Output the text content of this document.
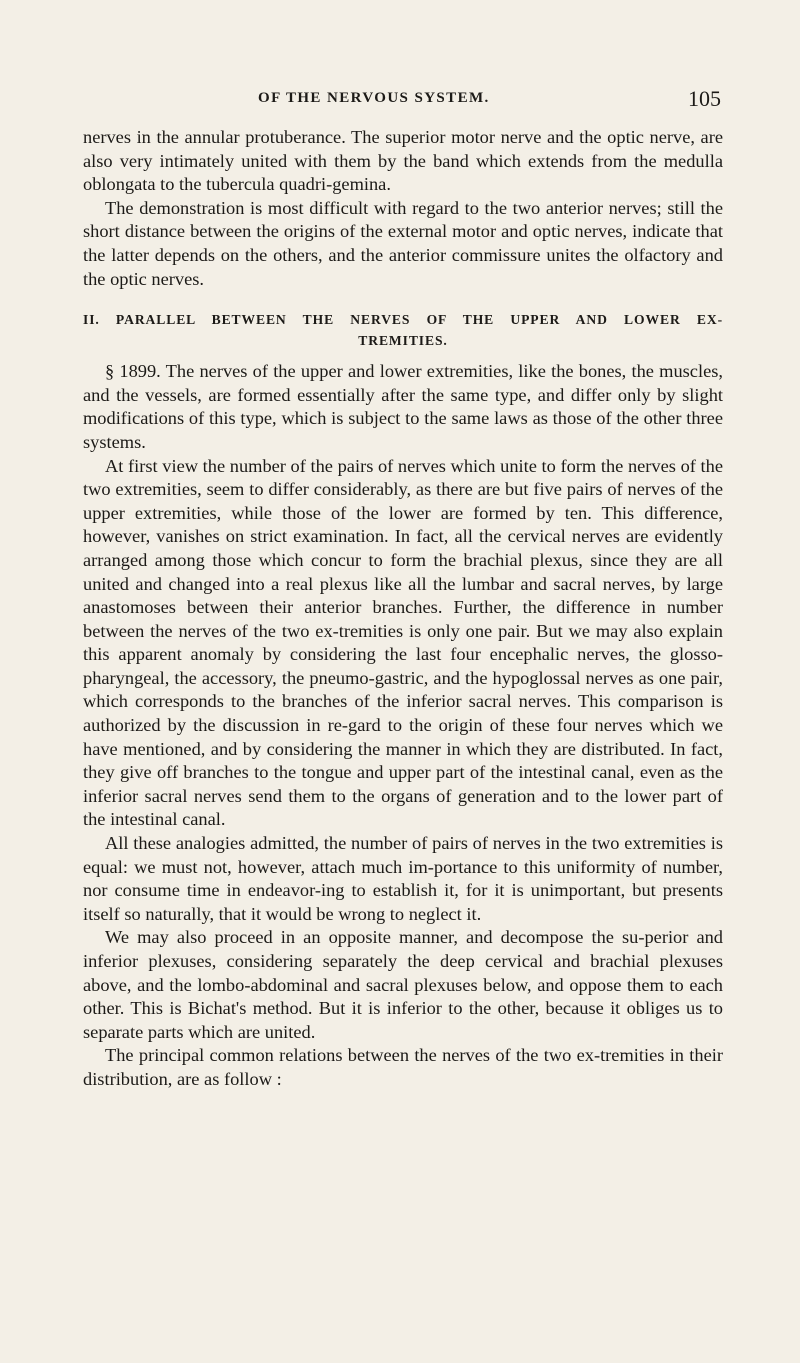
OF THE NERVOUS SYSTEM.	105

nerves in the annular protuberance. The superior motor nerve and the optic nerve, are also very intimately united with them by the band which extends from the medulla oblongata to the tubercula quadri-gemina.

The demonstration is most difficult with regard to the two anterior nerves; still the short distance between the origins of the external motor and optic nerves, indicate that the latter depends on the others, and the anterior commissure unites the olfactory and the optic nerves.

II. PARALLEL BETWEEN THE NERVES OF THE UPPER AND LOWER EX-
TREMITIES.

§ 1899. The nerves of the upper and lower extremities, like the bones, the muscles, and the vessels, are formed essentially after the same type, and differ only by slight modifications of this type, which is subject to the same laws as those of the other three systems.

At first view the number of the pairs of nerves which unite to form the nerves of the two extremities, seem to differ considerably, as there are but five pairs of nerves of the upper extremities, while those of the lower are formed by ten. This difference, however, vanishes on strict examination. In fact, all the cervical nerves are evidently arranged among those which concur to form the brachial plexus, since they are all united and changed into a real plexus like all the lumbar and sacral nerves, by large anastomoses between their anterior branches. Further, the difference in number between the nerves of the two ex-tremities is only one pair. But we may also explain this apparent anomaly by considering the last four encephalic nerves, the glosso-pharyngeal, the accessory, the pneumo-gastric, and the hypoglossal nerves as one pair, which corresponds to the branches of the inferior sacral nerves. This comparison is authorized by the discussion in re-gard to the origin of these four nerves which we have mentioned, and by considering the manner in which they are distributed. In fact, they give off branches to the tongue and upper part of the intestinal canal, even as the inferior sacral nerves send them to the organs of generation and to the lower part of the intestinal canal.

All these analogies admitted, the number of pairs of nerves in the two extremities is equal: we must not, however, attach much im-portance to this uniformity of number, nor consume time in endeavor-ing to establish it, for it is unimportant, but presents itself so naturally, that it would be wrong to neglect it.

We may also proceed in an opposite manner, and decompose the su-perior and inferior plexuses, considering separately the deep cervical and brachial plexuses above, and the lombo-abdominal and sacral plexuses below, and oppose them to each other. This is Bichat's method. But it is inferior to the other, because it obliges us to separate parts which are united.

The principal common relations between the nerves of the two ex-tremities in their distribution, are as follow :
